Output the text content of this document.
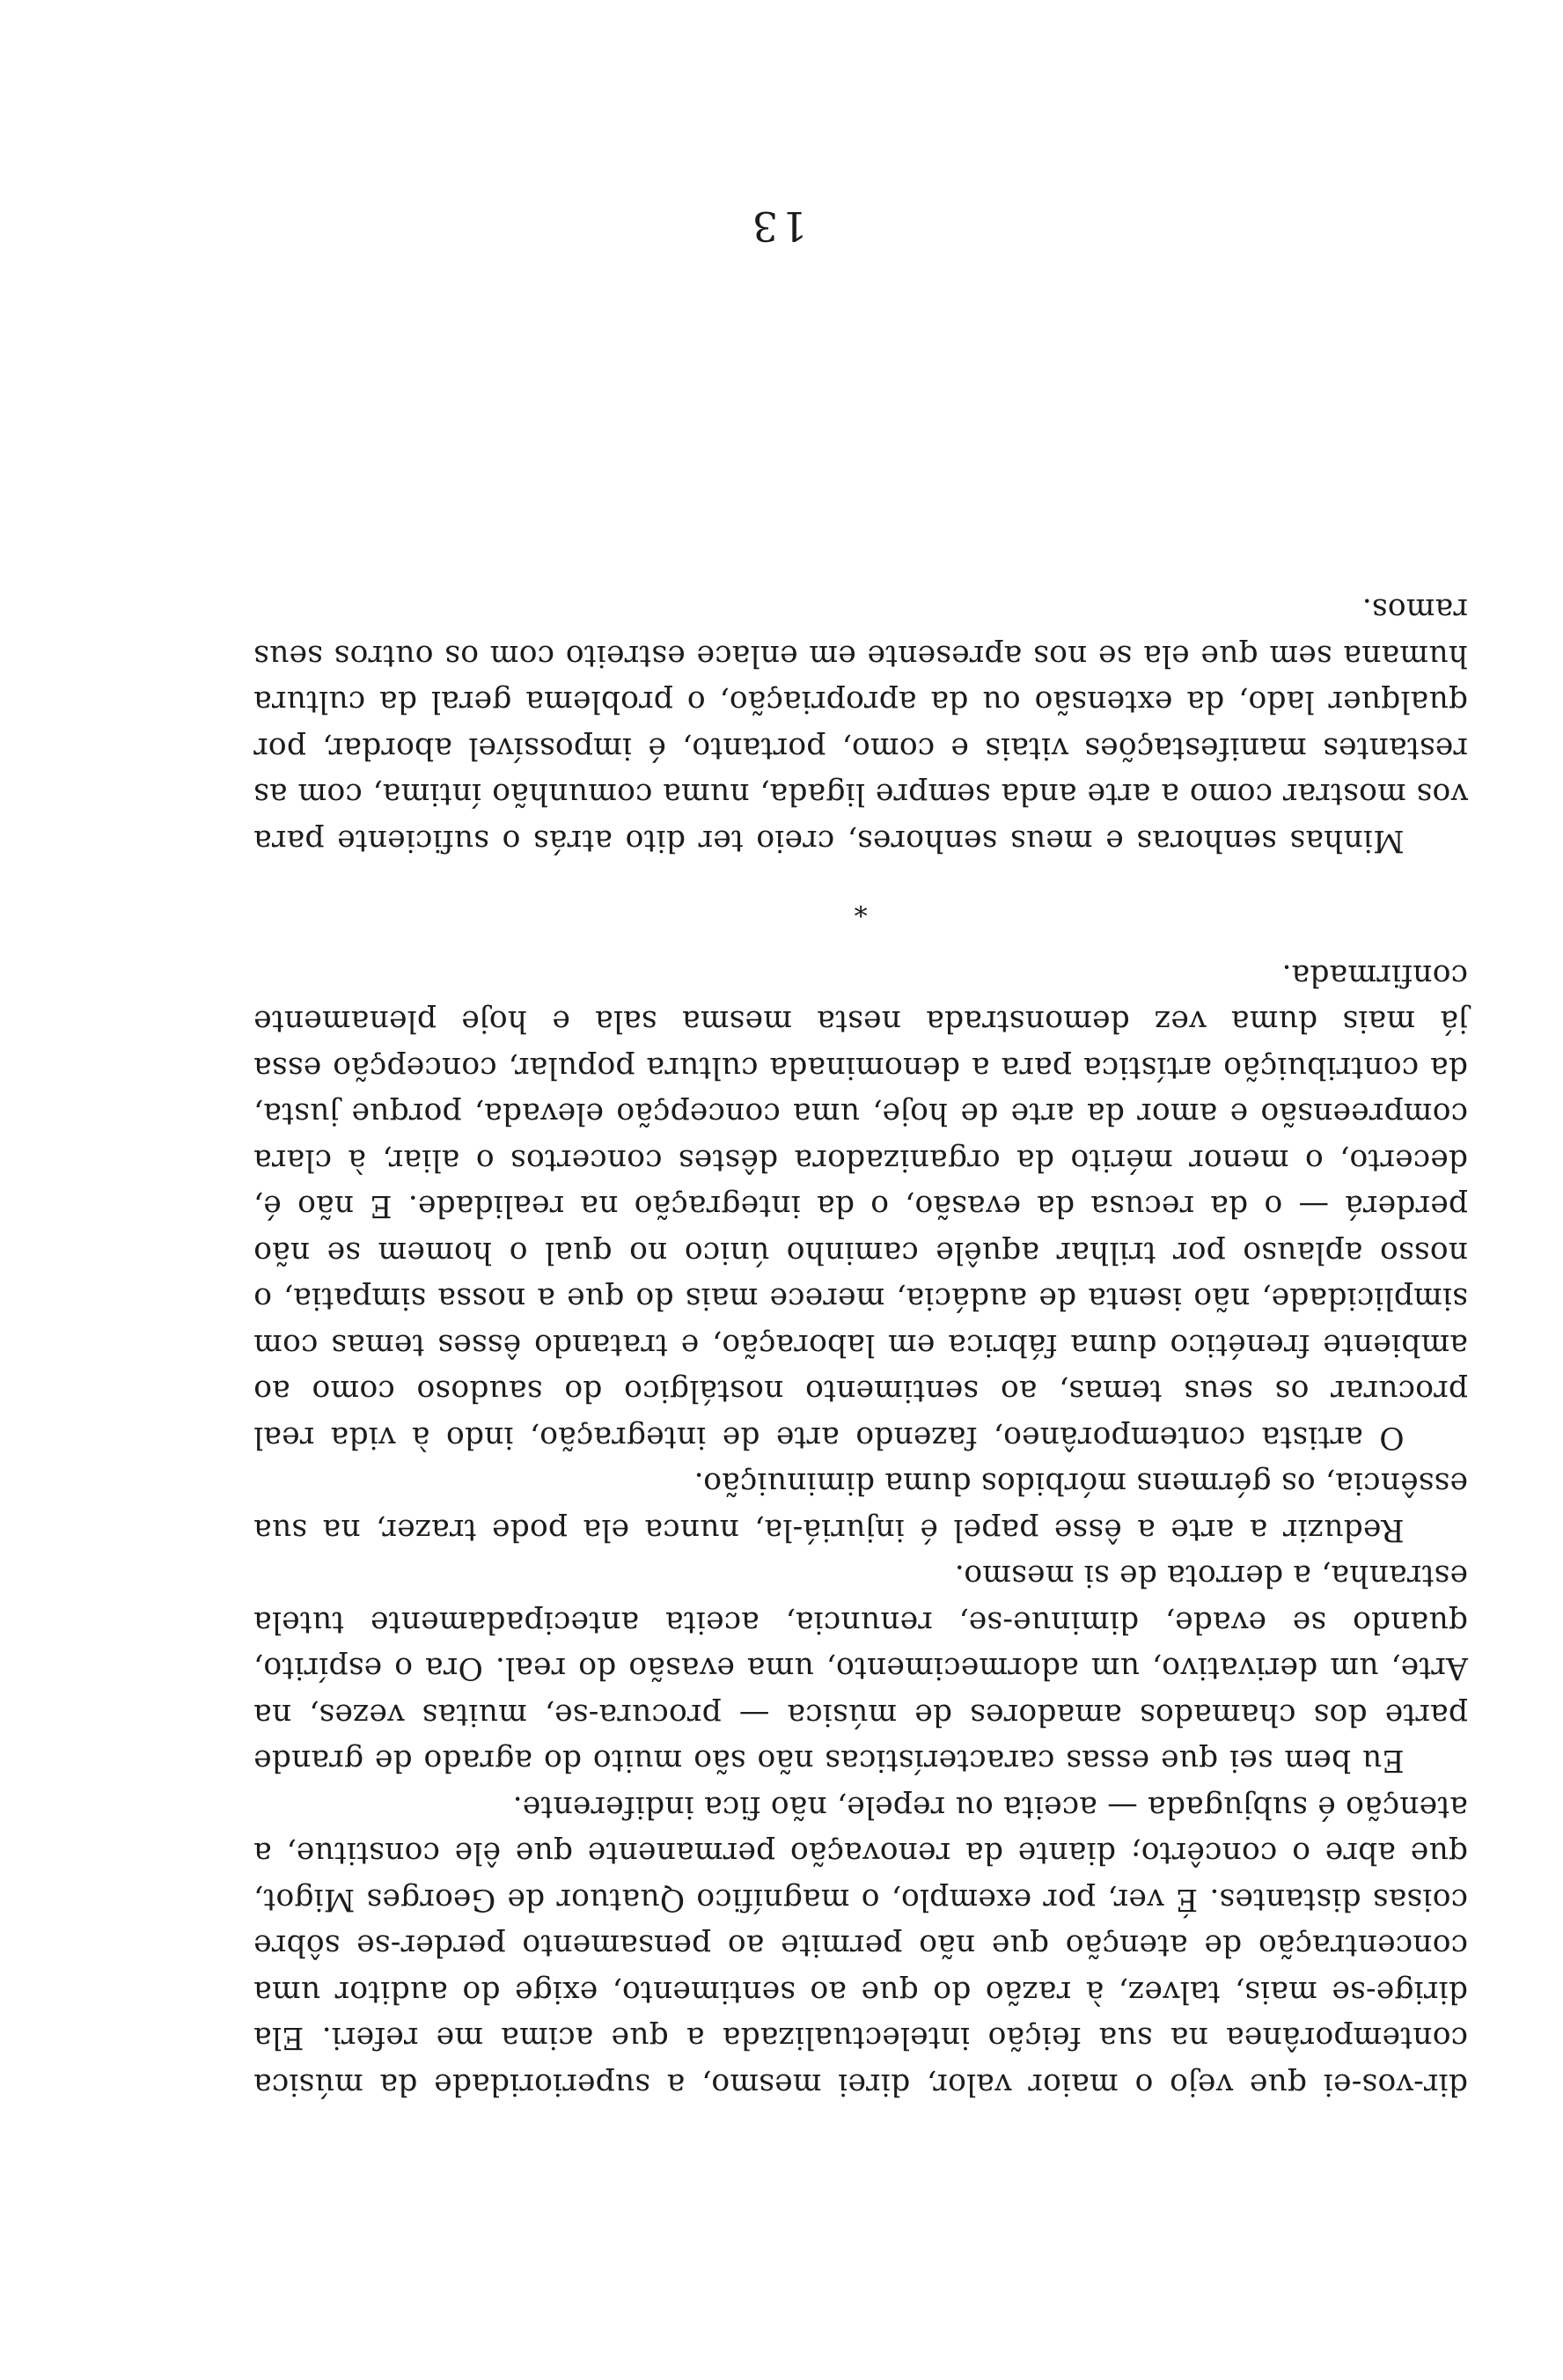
dir-vos-ei que vejo o maior valor, direi mesmo, a superioridade da música contemporânea na sua feição intelectualizada a que acima me referi. Ela dirige-se mais, talvez, à razão do que ao sentimento, exige do auditor uma concentração de atenção que não permite ao pensamento perder-se sôbre coisas distantes. É ver, por exemplo, o magnífico Quatuor de Georges Migot, que abre o concêrto; diante da renovação permanente que êle constitue, a atenção é subjugada — aceita ou repele, não fica indiferente.

Eu bem sei que essas características não são muito do agrado de grande parte dos chamados amadores de música — procura-se, muitas vezes, na Arte, um derivativo, um adormecimento, uma evasão do real. Ora o espírito, quando se evade, diminue-se, renuncia, aceita antecipadamente tutela estranha, a derrota de si mesmo.

Reduzir a arte a êsse papel é injuriá-la, nunca ela pode trazer, na sua essência, os gérmens mórbidos duma diminuição.

O artista contemporâneo, fazendo arte de integração, indo à vida real procurar os seus temas, ao sentimento nostálgico do saudoso como ao ambiente frenético duma fábrica em laboração, e tratando êsses temas com simplicidade, não isenta de audácia, merece mais do que a nossa simpatia, o nosso aplauso por trilhar aquêle caminho único no qual o homem se não perderá — o da recusa da evasão, o da integração na realidade. E não é, decerto, o menor mérito da organizadora dêstes concertos o aliar, à clara compreensão e amor da arte de hoje, uma concepção elevada, porque justa, da contribuição artística para a denominada cultura popular, concepção essa já mais duma vez demonstrada nesta mesma sala e hoje plenamente confirmada.

*

Minhas senhoras e meus senhores, creio ter dito atrás o suficiente para vos mostrar como a arte anda sempre ligada, numa comunhão íntima, com as restantes manifestações vitais e como, portanto, é impossível abordar, por qualquer lado, da extensão ou da apropriação, o problema geral da cultura humana sem que ela se nos apresente em enlace estreito com os outros seus ramos.

13
